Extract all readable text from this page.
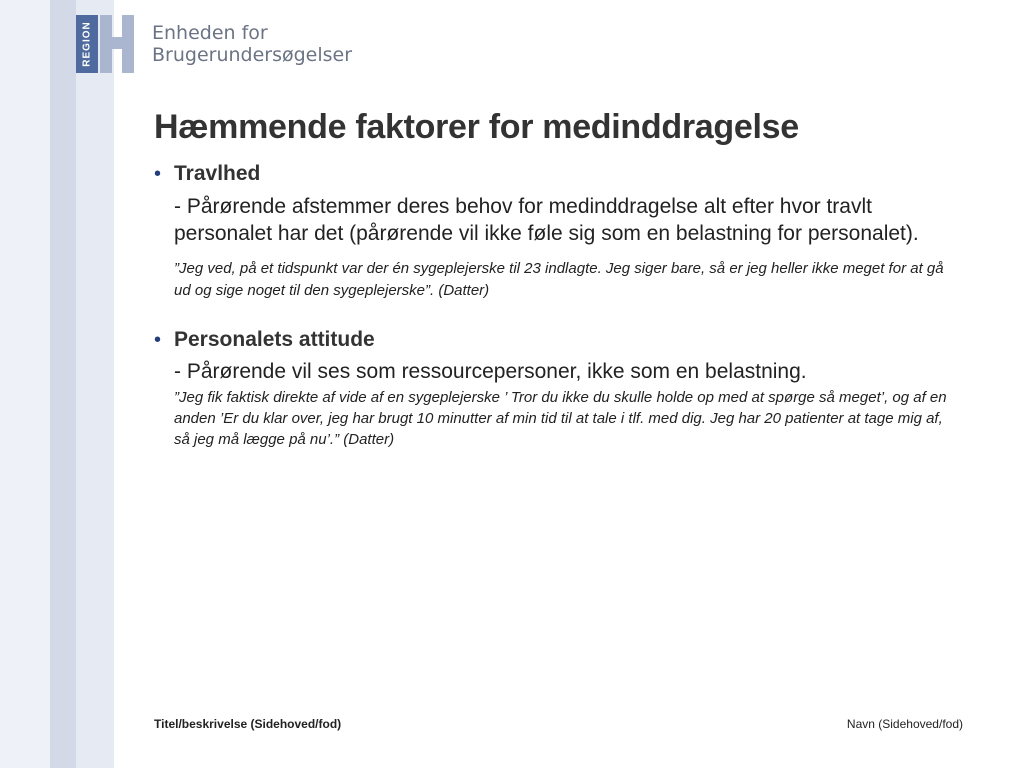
REGION	Enheden for
Brugerundersøgelser
Hæmmende faktorer for medinddragelse
• Travlhed
- Pårørende afstemmer deres behov for medinddragelse alt efter hvor travlt personalet har det (pårørende vil ikke føle sig som en belastning for personalet).
”Jeg ved, på et tidspunkt var der én sygeplejerske til 23 indlagte. Jeg siger bare, så er jeg heller ikke meget for at gå ud og sige noget til den sygeplejerske”. (Datter)
• Personalets attitude
- Pårørende vil ses som ressourcepersoner, ikke som en belastning.
”Jeg fik faktisk direkte af vide af en sygeplejerske ’ Tror du ikke du skulle holde op med at spørge så meget’, og af en anden ’Er du klar over, jeg har brugt 10 minutter af min tid til at tale i tlf. med dig. Jeg har 20 patienter at tage mig af, så jeg må lægge på nu’.” (Datter)
Titel/beskrivelse (Sidehoved/fod)	Navn (Sidehoved/fod)
